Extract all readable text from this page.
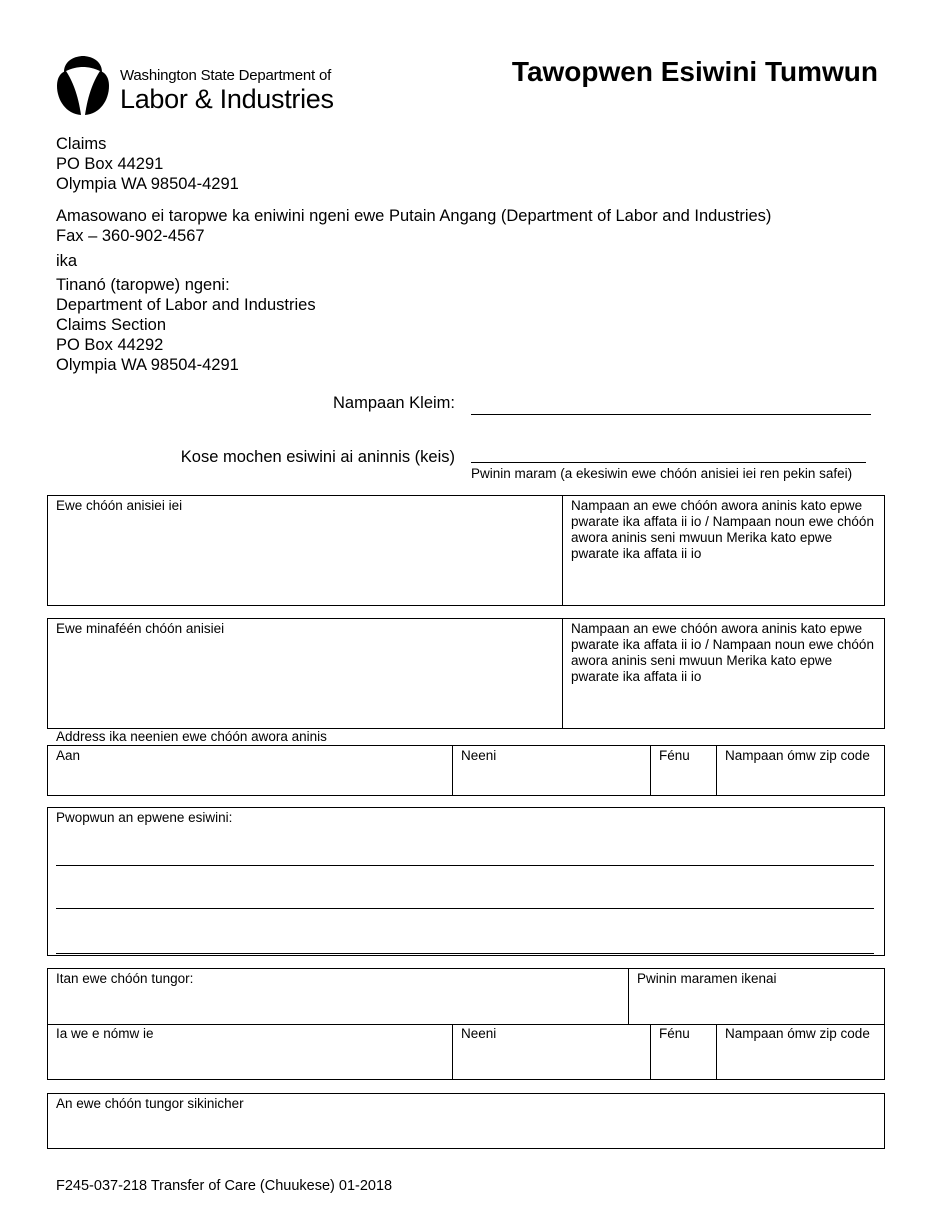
Washington State Department of
Labor & Industries
Tawopwen Esiwini Tumwun
Claims
PO Box 44291
Olympia WA 98504-4291
Amasowano ei taropwe ka eniwini ngeni ewe Putain Angang (Department of Labor and Industries)
Fax – 360-902-4567
ika
Tinanó (taropwe) ngeni:
Department of Labor and Industries
Claims Section
PO Box 44292
Olympia WA 98504-4291
Nampaan Kleim:
Kose mochen esiwini ai aninnis (keis)
Pwinin maram (a ekesiwin ewe chóón anisiei iei ren pekin safei)
Ewe chóón anisiei iei	Nampaan an ewe chóón awora aninis kato epwe pwarate ika affata ii io / Nampaan noun ewe chóón awora aninis seni mwuun Merika kato epwe pwarate ika affata ii io
Ewe minaféén chóón anisiei	Nampaan an ewe chóón awora aninis kato epwe pwarate ika affata ii io / Nampaan noun ewe chóón awora aninis seni mwuun Merika kato epwe pwarate ika affata ii io
Address ika neenien ewe chóón awora aninis
Aan	Neeni	Fénu	Nampaan ómw zip code
Pwopwun an epwene esiwini:
Itan ewe chóón tungor:	Pwinin maramen ikenai
Ia we e nómw ie	Neeni	Fénu	Nampaan ómw zip code
An ewe chóón tungor sikinicher
F245-037-218 Transfer of Care (Chuukese) 01-2018
